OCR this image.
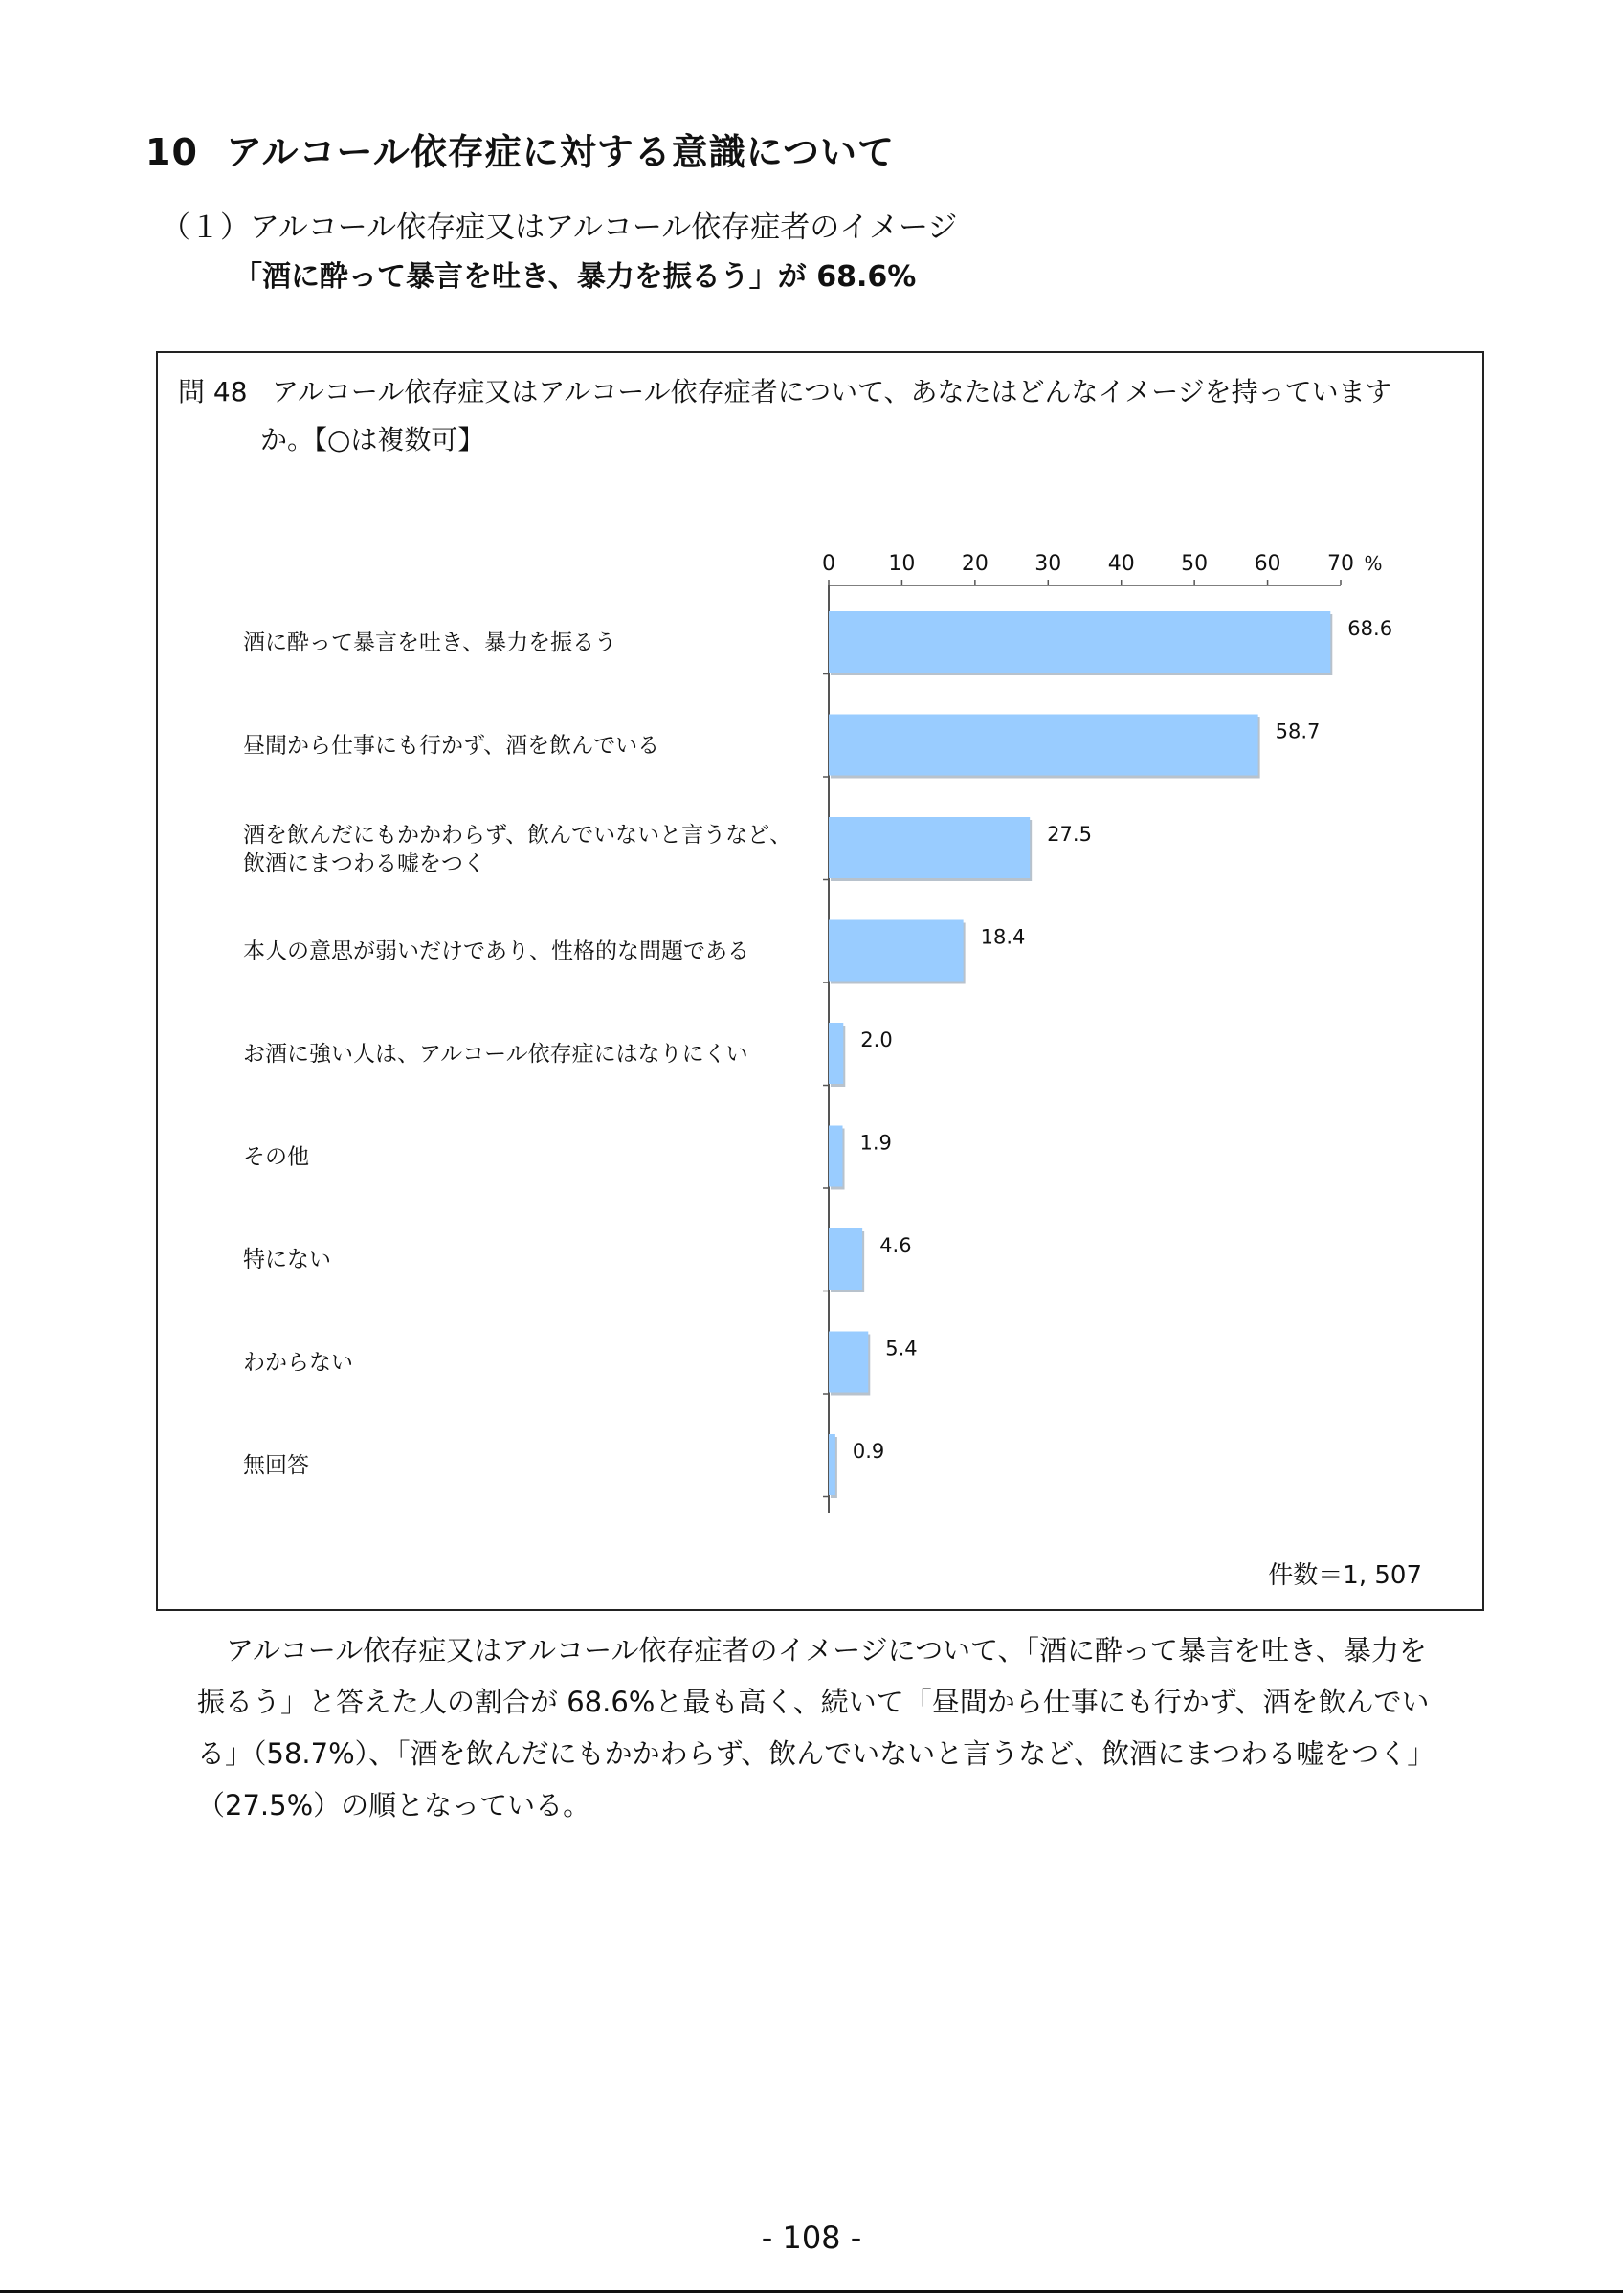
10 アルコール依存症に対する意識について
（１）アルコール依存症又はアルコール依存症者のイメージ
「酒に酔って暴言を吐き、暴力を振るう」が 68.6%
問 48 アルコール依存症又はアルコール依存症者について、あなたはどんなイメージを持っています
か。【○は複数可】
0	10 20 30 40 50 60 70 %
68.6
酒に酔って暴言を吐き、暴力を振るう
58.7
昼間から仕事にも行かず、酒を飲んでいる
27.5
酒を飲んだにもかかわらず、飲んでいないと言うなど、飲酒にまつわる嘘をつく
18.4
本人の意思が弱いだけであり、性格的な問題である
2.0
お酒に強い人は、アルコール依存症にはなりにくい
1.9
その他
4.6
特にない
5.4
わからない
0.9
無回答
件数＝1, 507

アルコール依存症又はアルコール依存症者のイメージについて、「酒に酔って暴言を吐き、暴力を振るう」と答えた人の割合が 68.6%と最も高く、続いて「昼間から仕事にも行かず、酒を飲んでいる」（58.7%）、「酒を飲んだにもかかわらず、飲んでいないと言うなど、飲酒にまつわる嘘をつく」（27.5%）の順となっている。

- 108 -
